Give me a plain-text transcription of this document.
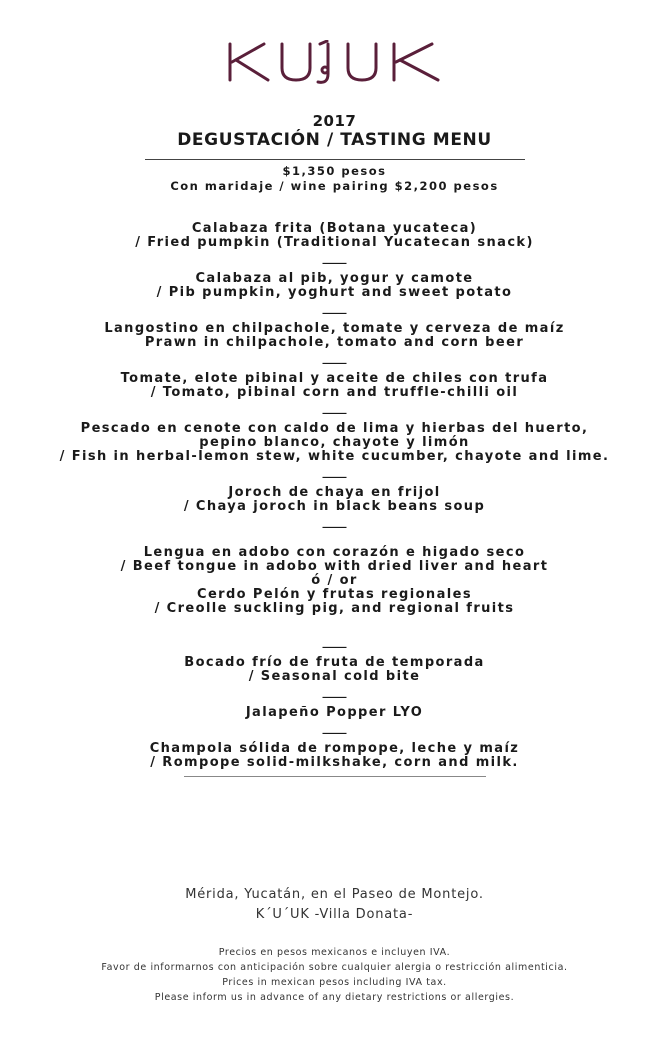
2017
DEGUSTACIÓN / TASTING MENU
$1,350 pesos
Con maridaje / wine pairing $2,200 pesos
Calabaza frita (Botana yucateca)
/ Fried pumpkin (Traditional Yucatecan snack)
____
Calabaza al pib, yogur y camote
/ Pib pumpkin, yoghurt and sweet potato
____
Langostino en chilpachole, tomate y cerveza de maíz
Prawn in chilpachole, tomato and corn beer
____
Tomate, elote pibinal y aceite de chiles con trufa
/ Tomato, pibinal corn and truffle-chilli oil
____
Pescado en cenote con caldo de lima y hierbas del huerto,
pepino blanco, chayote y limón
/ Fish in herbal-lemon stew, white cucumber, chayote and lime.
____
Joroch de chaya en frijol
/ Chaya joroch in black beans soup
____
Lengua en adobo con corazón e higado seco
/ Beef tongue in adobo with dried liver and heart
ó / or
Cerdo Pelón y frutas regionales
/ Creolle suckling pig, and regional fruits
____
Bocado frío de fruta de temporada
/ Seasonal cold bite
____
Jalapeño Popper LYO
____
Champola sólida de rompope, leche y maíz
/ Rompope solid-milkshake, corn and milk.
Mérida, Yucatán, en el Paseo de Montejo.
K´U´UK -Villa Donata-
Precios en pesos mexicanos e incluyen IVA.
Favor de informarnos con anticipación sobre cualquier alergia o restricción alimenticia.
Prices in mexican pesos including IVA tax.
Please inform us in advance of any dietary restrictions or allergies.
